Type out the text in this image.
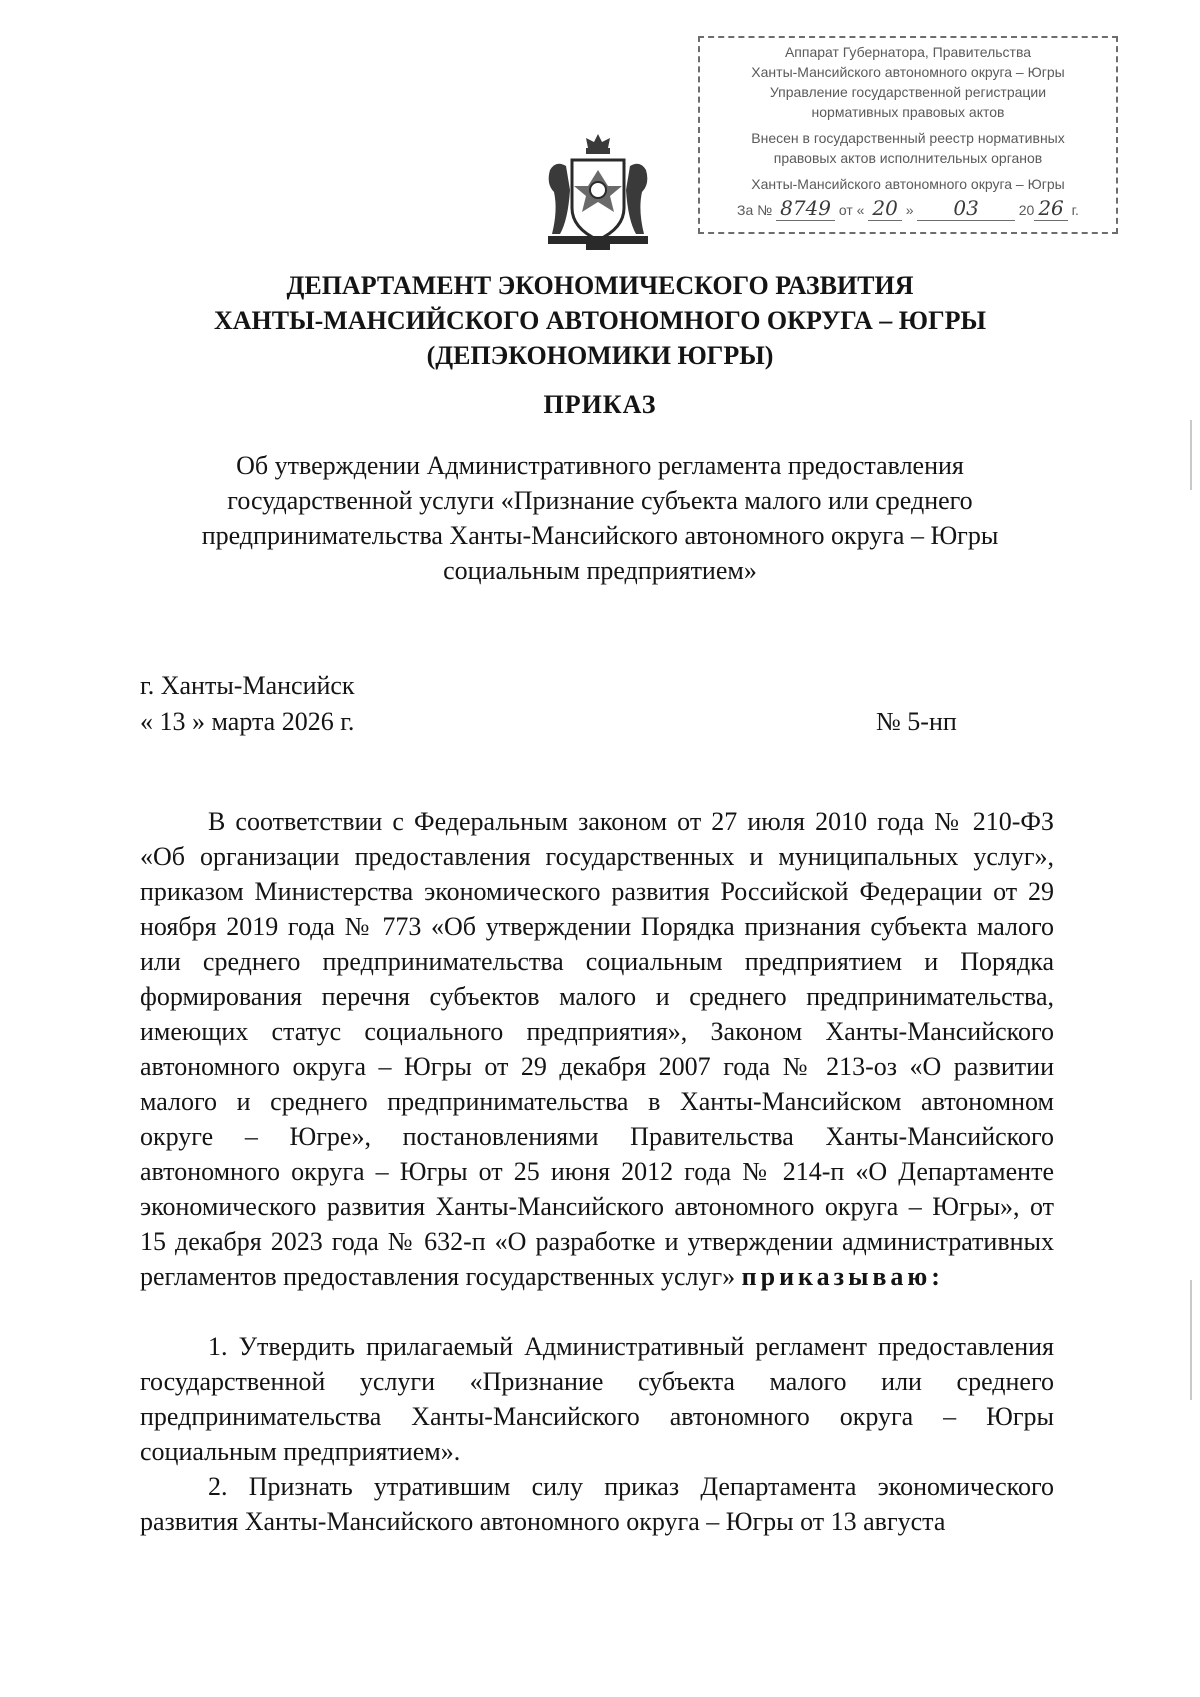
Аппарат Губернатора, Правительства
Ханты-Мансийского автономного округа – Югры
Управление государственной регистрации
нормативных правовых актов
Внесен в государственный реестр нормативных
правовых актов исполнительных органов
Ханты-Мансийского автономного округа – Югры
За № 8749 от « 20 » 03	20 26 г.
ДЕПАРТАМЕНТ ЭКОНОМИЧЕСКОГО РАЗВИТИЯ
ХАНТЫ-МАНСИЙСКОГО АВТОНОМНОГО ОКРУГА – ЮГРЫ
(ДЕПЭКОНОМИКИ ЮГРЫ)
ПРИКАЗ
Об утверждении Административного регламента предоставления
государственной услуги «Признание субъекта малого или среднего
предпринимательства Ханты-Мансийского автономного округа – Югры
социальным предприятием»
г. Ханты-Мансийск
« 13 » марта 2026 г.	№ 5-нп

В соответствии с Федеральным законом от 27 июля 2010 года № 210-ФЗ «Об организации предоставления государственных и муниципальных услуг», приказом Министерства экономического развития Российской Федерации от 29 ноября 2019 года № 773 «Об утверждении Порядка признания субъекта малого или среднего предпринимательства социальным предприятием и Порядка формирования перечня субъектов малого и среднего предпринимательства, имеющих статус социального предприятия», Законом Ханты-Мансийского автономного округа – Югры от 29 декабря 2007 года № 213-оз «О развитии малого и среднего предпринимательства в Ханты-Мансийском автономном округе – Югре», постановлениями Правительства Ханты-Мансийского автономного округа – Югры от 25 июня 2012 года № 214-п «О Департаменте экономического развития Ханты-Мансийского автономного округа – Югры», от 15 декабря 2023 года № 632-п «О разработке и утверждении административных регламентов предоставления государственных услуг» приказываю:

1. Утвердить прилагаемый Административный регламент предоставления государственной услуги «Признание субъекта малого или среднего предпринимательства Ханты-Мансийского автономного округа – Югры социальным предприятием».

2. Признать утратившим силу приказ Департамента экономического развития Ханты-Мансийского автономного округа – Югры от 13 августа
